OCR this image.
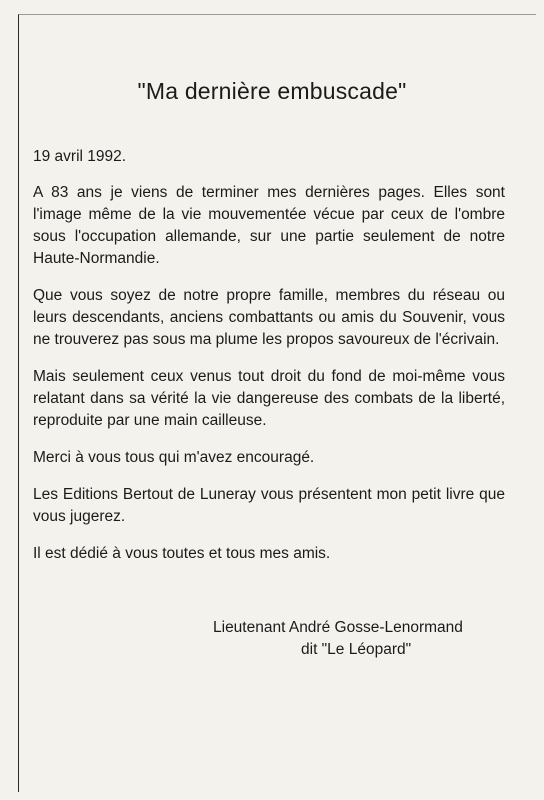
"Ma dernière embuscade"

19 avril 1992.

A 83 ans je viens de terminer mes dernières pages. Elles sont l'image même de la vie mouvementée vécue par ceux de l'ombre sous l'occupation allemande, sur une partie seulement de notre Haute-Normandie.

Que vous soyez de notre propre famille, membres du réseau ou leurs descendants, anciens combattants ou amis du Souvenir, vous ne trouverez pas sous ma plume les propos savoureux de l'écrivain.

Mais seulement ceux venus tout droit du fond de moi-même vous relatant dans sa vérité la vie dangereuse des combats de la liberté, reproduite par une main cailleuse.

Merci à vous tous qui m'avez encouragé.

Les Editions Bertout de Luneray vous présentent mon petit livre que vous jugerez.

Il est dédié à vous toutes et tous mes amis.

Lieutenant André Gosse-Lenormand
dit "Le Léopard"
